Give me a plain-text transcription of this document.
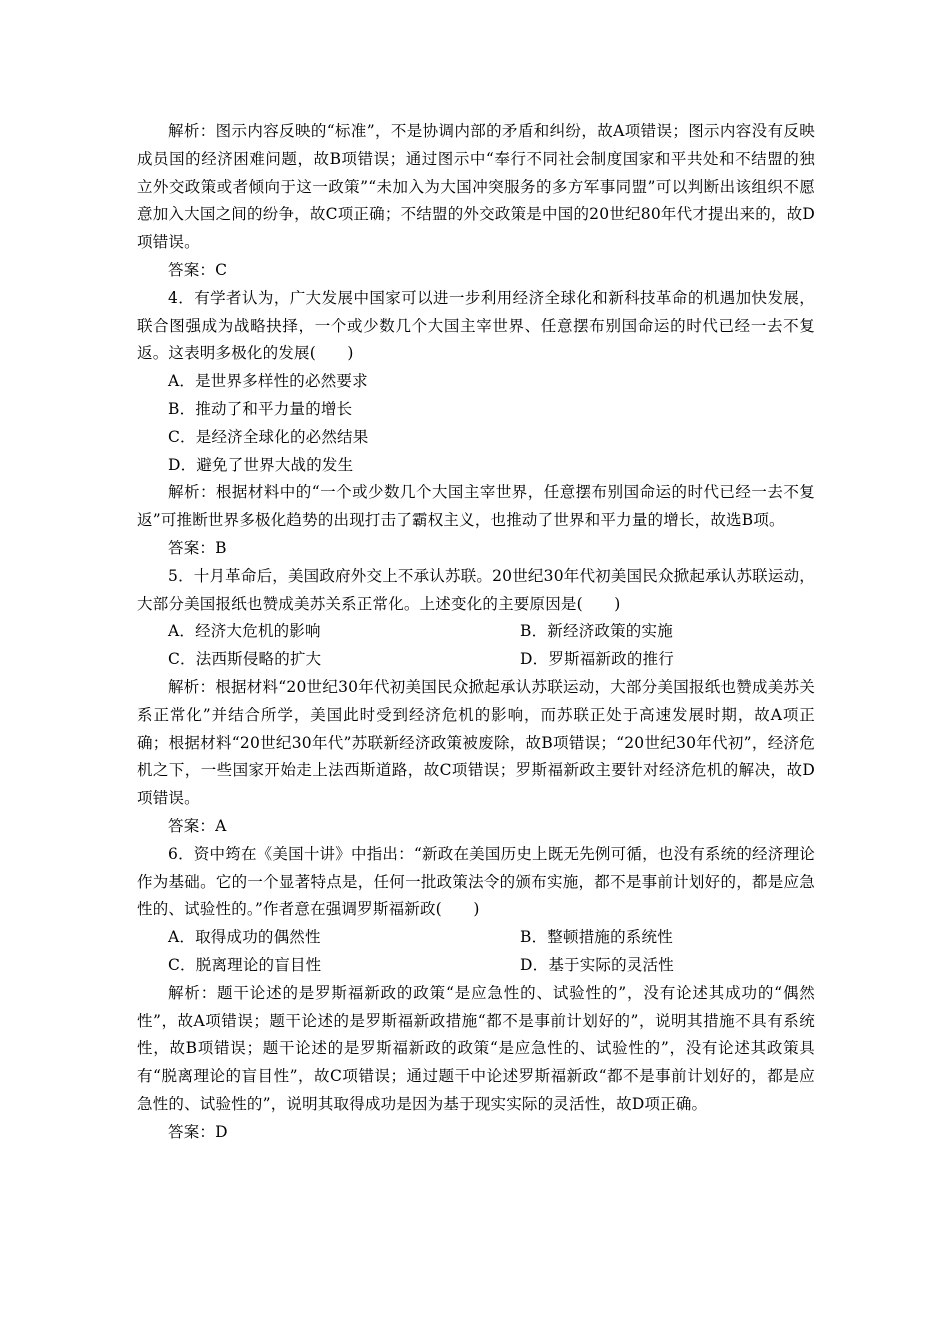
解析：图示内容反映的“标准”，不是协调内部的矛盾和纠纷，故A项错误；图示内容没有反映成员国的经济困难问题，故B项错误；通过图示中“奉行不同社会制度国家和平共处和不结盟的独立外交政策或者倾向于这一政策”“未加入为大国冲突服务的多方军事同盟”可以判断出该组织不愿意加入大国之间的纷争，故C项正确；不结盟的外交政策是中国的20世纪80年代才提出来的，故D项错误。

答案：C

4．有学者认为，广大发展中国家可以进一步利用经济全球化和新科技革命的机遇加快发展，联合图强成为战略抉择，一个或少数几个大国主宰世界、任意摆布别国命运的时代已经一去不复返。这表明多极化的发展(　　)

A．是世界多样性的必然要求

B．推动了和平力量的增长

C．是经济全球化的必然结果

D．避免了世界大战的发生

解析：根据材料中的“一个或少数几个大国主宰世界，任意摆布别国命运的时代已经一去不复返”可推断世界多极化趋势的出现打击了霸权主义，也推动了世界和平力量的增长，故选B项。

答案：B

5．十月革命后，美国政府外交上不承认苏联。20世纪30年代初美国民众掀起承认苏联运动，大部分美国报纸也赞成美苏关系正常化。上述变化的主要原因是(　　)

A．经济大危机的影响	B．新经济政策的实施
C．法西斯侵略的扩大	D．罗斯福新政的推行

解析：根据材料“20世纪30年代初美国民众掀起承认苏联运动，大部分美国报纸也赞成美苏关系正常化”并结合所学，美国此时受到经济危机的影响，而苏联正处于高速发展时期，故A项正确；根据材料“20世纪30年代”苏联新经济政策被废除，故B项错误；“20世纪30年代初”，经济危机之下，一些国家开始走上法西斯道路，故C项错误；罗斯福新政主要针对经济危机的解决，故D项错误。

答案：A

6．资中筠在《美国十讲》中指出：“新政在美国历史上既无先例可循，也没有系统的经济理论作为基础。它的一个显著特点是，任何一批政策法令的颁布实施，都不是事前计划好的，都是应急性的、试验性的。”作者意在强调罗斯福新政(　　)

A．取得成功的偶然性	B．整顿措施的系统性
C．脱离理论的盲目性	D．基于实际的灵活性

解析：题干论述的是罗斯福新政的政策“是应急性的、试验性的”，没有论述其成功的“偶然性”，故A项错误；题干论述的是罗斯福新政措施“都不是事前计划好的”，说明其措施不具有系统性，故B项错误；题干论述的是罗斯福新政的政策“是应急性的、试验性的”，没有论述其政策具有“脱离理论的盲目性”，故C项错误；通过题干中论述罗斯福新政“都不是事前计划好的，都是应急性的、试验性的”，说明其取得成功是因为基于现实实际的灵活性，故D项正确。

答案：D
